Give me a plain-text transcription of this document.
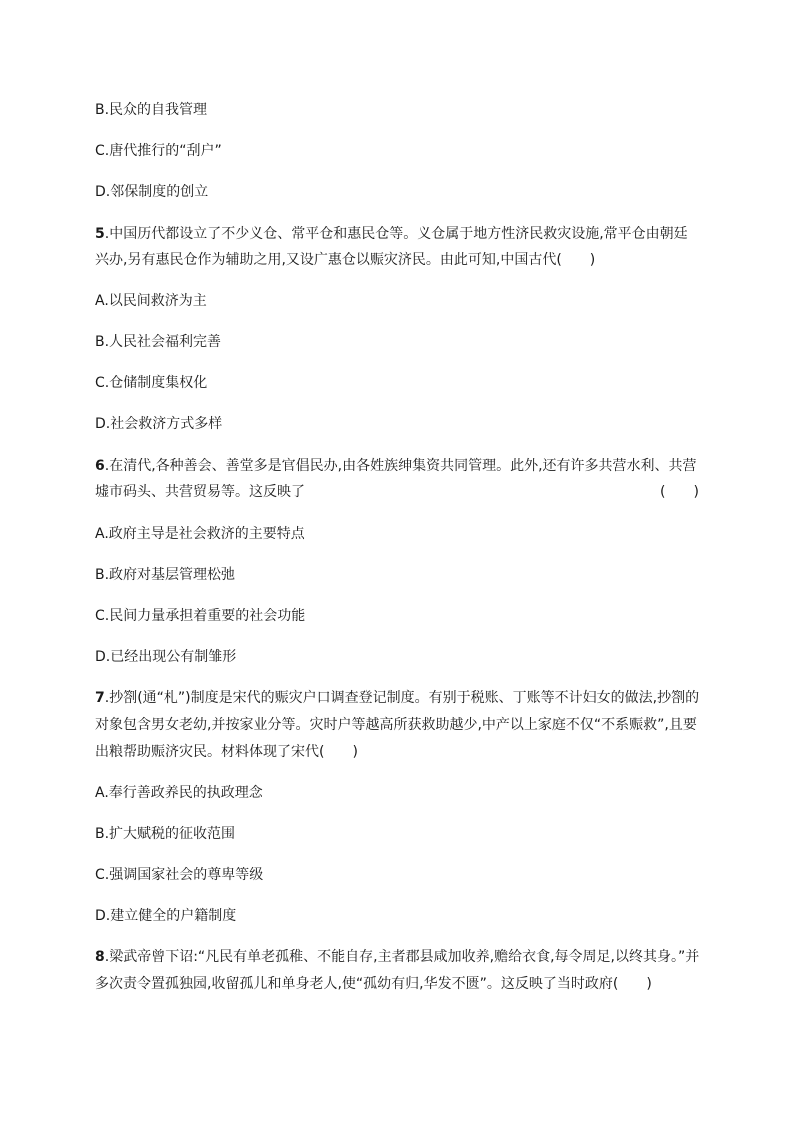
B.民众的自我管理
C.唐代推行的“刮户”
D.邻保制度的创立
5.中国历代都设立了不少义仓、常平仓和惠民仓等。义仓属于地方性济民救灾设施,常平仓由朝廷
兴办,另有惠民仓作为辅助之用,又设广惠仓以赈灾济民。由此可知,中国古代(　　)
A.以民间救济为主
B.人民社会福利完善
C.仓储制度集权化
D.社会救济方式多样
6.在清代,各种善会、善堂多是官倡民办,由各姓族绅集资共同管理。此外,还有许多共营水利、共营
墟市码头、共营贸易等。这反映了	(　　)
A.政府主导是社会救济的主要特点
B.政府对基层管理松弛
C.民间力量承担着重要的社会功能
D.已经出现公有制雏形
7.抄劄(通“札”)制度是宋代的赈灾户口调查登记制度。有别于税账、丁账等不计妇女的做法,抄劄的
对象包含男女老幼,并按家业分等。灾时户等越高所获救助越少,中产以上家庭不仅“不系赈救”,且要
出粮帮助赈济灾民。材料体现了宋代(　　)
A.奉行善政养民的执政理念
B.扩大赋税的征收范围
C.强调国家社会的尊卑等级
D.建立健全的户籍制度
8.梁武帝曾下诏:“凡民有单老孤稚、不能自存,主者郡县咸加收养,赡给衣食,每令周足,以终其身。”并
多次责令置孤独园,收留孤儿和单身老人,使“孤幼有归,华发不匮”。这反映了当时政府(　　)
